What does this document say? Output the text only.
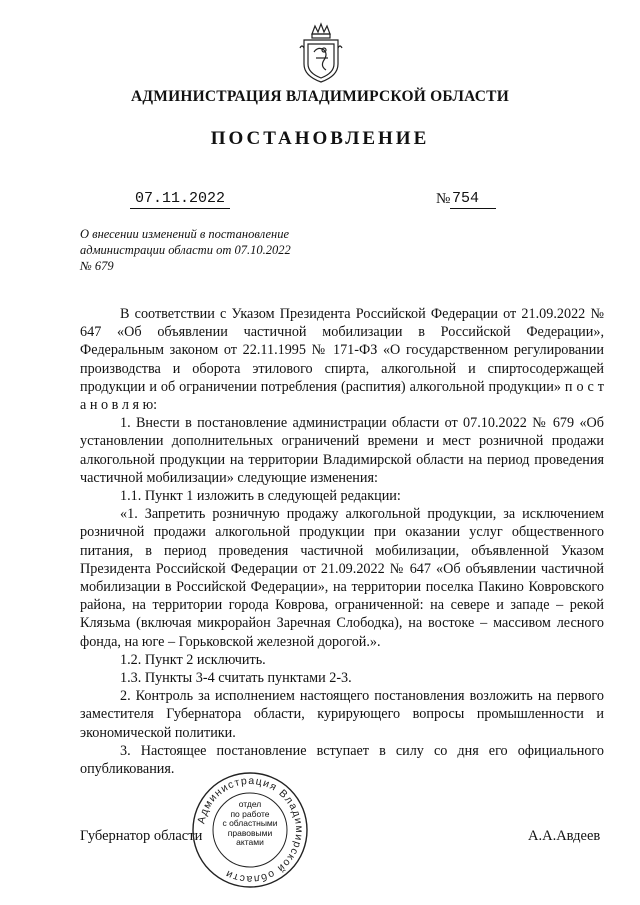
АДМИНИСТРАЦИЯ ВЛАДИМИРСКОЙ ОБЛАСТИ
ПОСТАНОВЛЕНИЕ
07.11.2022	№ 754
О внесении изменений в постановление
администрации области от 07.10.2022
№ 679

В соответствии с Указом Президента Российской Федерации от 21.09.2022 № 647 «Об объявлении частичной мобилизации в Российской Федерации», Федеральным законом от 22.11.1995 № 171-ФЗ «О государственном регулировании производства и оборота этилового спирта, алкогольной и спиртосодержащей продукции и об ограничении потребления (распития) алкогольной продукции» п о с т а н о в л я ю:

1. Внести в постановление администрации области от 07.10.2022 № 679 «Об установлении дополнительных ограничений времени и мест розничной продажи алкогольной продукции на территории Владимирской области на период проведения частичной мобилизации» следующие изменения:

1.1. Пункт 1 изложить в следующей редакции:

«1. Запретить розничную продажу алкогольной продукции, за исключением розничной продажи алкогольной продукции при оказании услуг общественного питания, в период проведения частичной мобилизации, объявленной Указом Президента Российской Федерации от 21.09.2022 № 647 «Об объявлении частичной мобилизации в Российской Федерации», на территории поселка Пакино Ковровского района, на территории города Коврова, ограниченной: на севере и западе – рекой Клязьма (включая микрорайон Заречная Слободка), на востоке – массивом лесного фонда, на юге – Горьковской железной дорогой.».

1.2. Пункт 2 исключить.

1.3. Пункты 3-4 считать пунктами 2-3.

2. Контроль за исполнением настоящего постановления возложить на первого заместителя Губернатора области, курирующего вопросы промышленности и экономической политики.

3. Настоящее постановление вступает в силу со дня его официального опубликования.

Губернатор области	А.А.Авдеев
Администрация Владимирской области
отдел
по работе
с областными
правовыми
актами
